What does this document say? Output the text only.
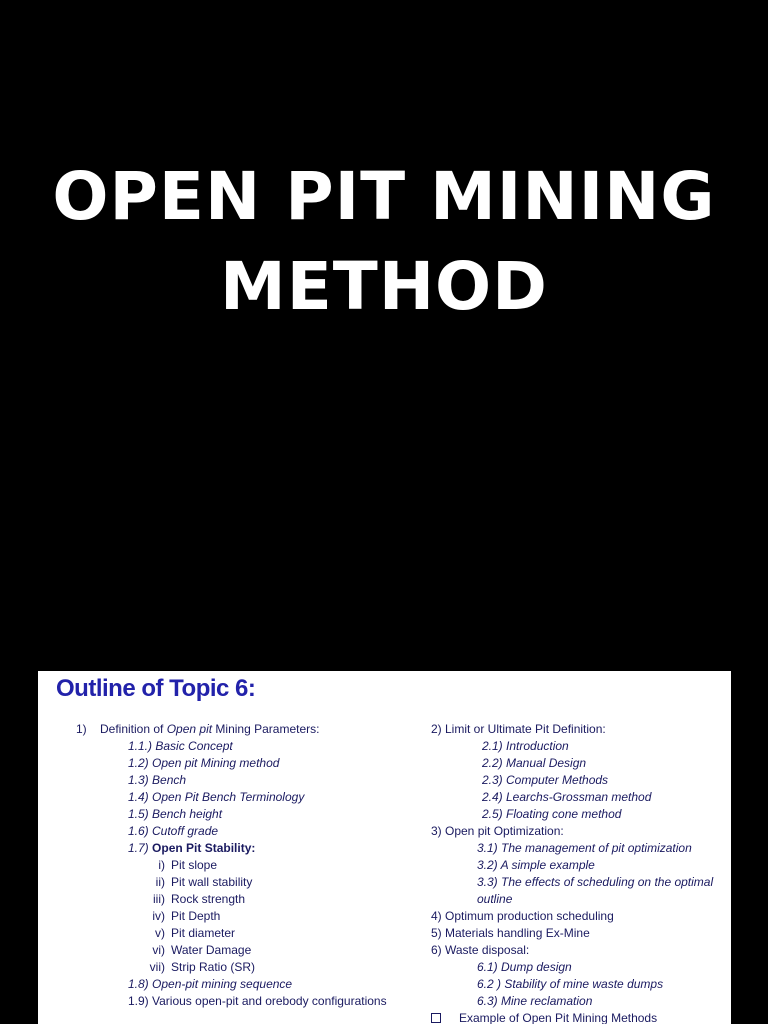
OPEN PIT MINING
METHOD
Outline of Topic 6:
1) Definition of Open pit Mining Parameters:
1.1.) Basic Concept
1.2) Open pit Mining method
1.3) Bench
1.4) Open Pit Bench Terminology
1.5) Bench height
1.6) Cutoff grade
1.7) Open Pit Stability:
i) Pit slope
ii) Pit wall stability
iii) Rock strength
iv) Pit Depth
v) Pit diameter
vi) Water Damage
vii) Strip Ratio (SR)
1.8) Open-pit mining sequence
1.9) Various open-pit and orebody configurations
2) Limit or Ultimate Pit Definition:
2.1) Introduction
2.2) Manual Design
2.3) Computer Methods
2.4) Learchs-Grossman method
2.5) Floating cone method
3) Open pit Optimization:
3.1) The management of pit optimization
3.2) A simple example
3.3) The effects of scheduling on the optimal
outline
4) Optimum production scheduling
5) Materials handling Ex-Mine
6) Waste disposal:
6.1) Dump design
6.2 ) Stability of mine waste dumps
6.3) Mine reclamation
Example of Open Pit Mining Methods
